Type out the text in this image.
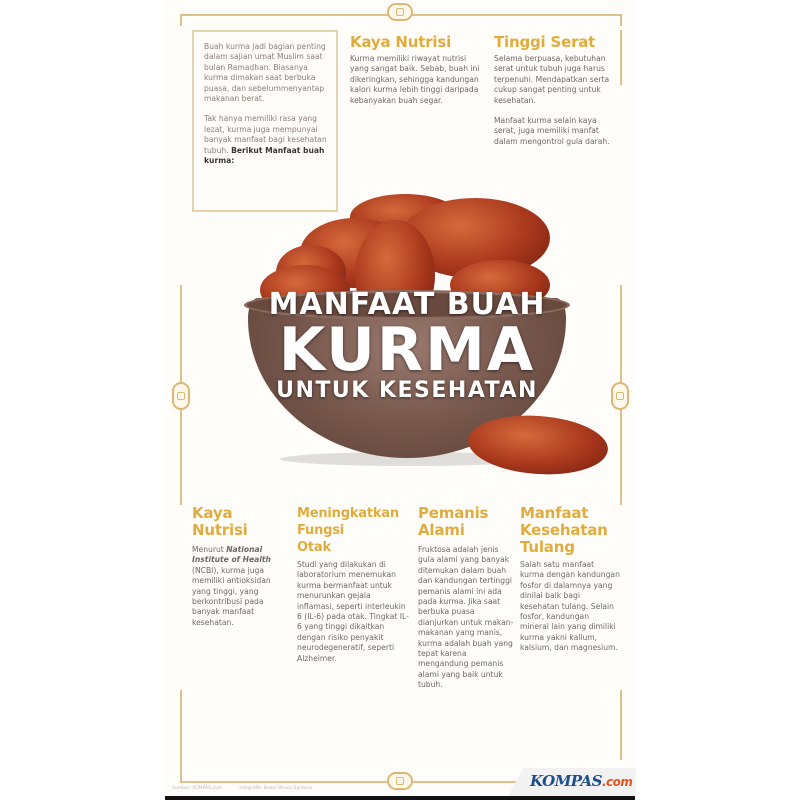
Buah kurma jadi bagian penting dalam sajian umat Muslim saat bulan Ramadhan. Biasanya kurma dimakan saat berbuka puasa, dan sebelummenyantap makanan berat.

Tak hanya memiliki rasa yang lezat, kurma juga mempunyai banyak manfaat bagi kesehatan tubuh. Berikut Manfaat buah kurma:

Kaya Nutrisi

Kurma memiliki riwayat nutrisi yang sangat baik. Sebab, buah ini dikeringkan, sehingga kandungan kalori kurma lebih tinggi daripada kebanyakan buah segar.

Tinggi Serat

Selama berpuasa, kebutuhan serat untuk tubuh juga harus terpenuhi. Mendapatkan serta cukup sangat penting untuk kesehatan.

Manfaat kurma selain kaya serat, juga memiliki manfat dalam mengontrol gula darah.

MANFAAT BUAH
KURMA
UNTUK KESEHATAN
Kaya
Nutrisi

Menurut National Institute of Health (NCBI), kurma juga memiliki antioksidan yang tinggi, yang berkontribusi pada banyak manfaat kesehatan.

Meningkatkan
Fungsi
Otak

Studi yang dilakukan di laboratorium menemukan kurma bermanfaat untuk menurunkan gejala inflamasi, seperti interleukin 6 (IL-6) pada otak. Tingkat IL-6 yang tinggi dikaitkan dengan risiko penyakit neurodegeneratif, seperti Alzheimer.

Pemanis
Alami

Fruktosa adalah jenis gula alami yang banyak ditemukan dalam buah dan kandungan tertinggi pemanis alami ini ada pada kurma. Jika saat berbuka puasa dianjurkan untuk makan-makanan yang manis, kurma adalah buah yang tepat karena mengandung pemanis alami yang baik untuk tubuh.

Manfaat
Kesehatan
Tulang

Salah satu manfaat kurma dengan kandungan fosfor di dalamnya yang dinilai baik bagi kesehatan tulang. Selain fosfor, kandungan mineral lain yang dimiliki kurma yakni kalium, kalsium, dan magnesium.

Sumber: KOMPAS.com	Infografik: Bakar Bhasu Santono	KOMPAS.com
